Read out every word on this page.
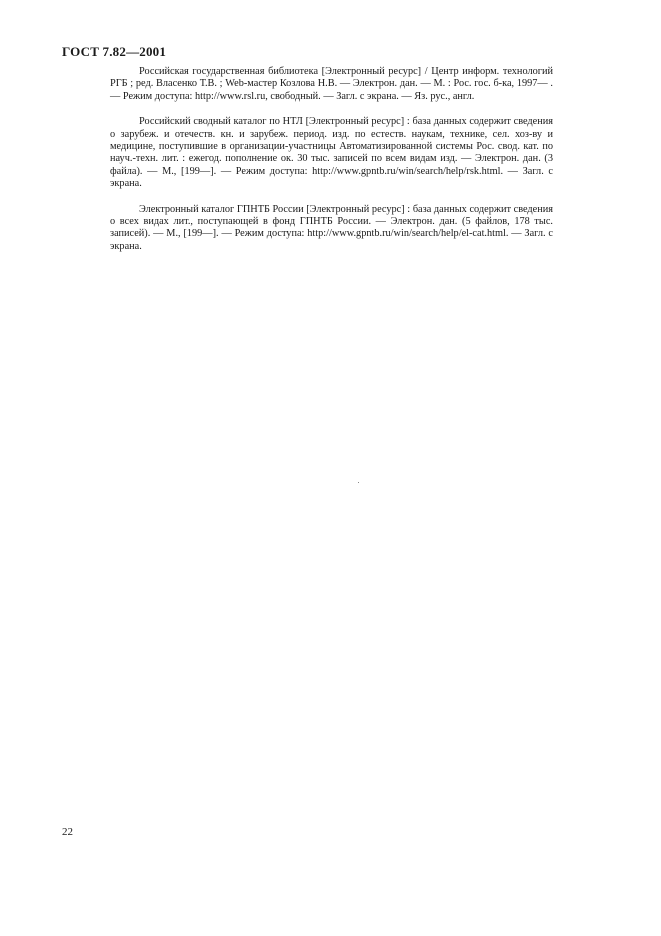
ГОСТ 7.82—2001

Российская государственная библиотека [Электронный ресурс] / Центр информ. технологий РГБ ; ред. Власенко Т.В. ; Web-мастер Козлова Н.В. — Электрон. дан. — М. : Рос. гос. б-ка, 1997— . — Режим доступа: http://www.rsl.ru, свободный. — Загл. с экрана. — Яз. рус., англ.

Российский сводный каталог по НТЛ [Электронный ресурс] : база данных содержит сведения о зарубеж. и отечеств. кн. и зарубеж. период. изд. по естеств. наукам, технике, сел. хоз-ву и медицине, поступившие в организации-участницы Автоматизированной системы Рос. свод. кат. по науч.-техн. лит. : ежегод. пополнение ок. 30 тыс. записей по всем видам изд. — Электрон. дан. (3 файла). — М., [199—]. — Режим доступа: http://www.gpntb.ru/win/search/help/rsk.html. — Загл. с экрана.

Электронный каталог ГПНТБ России [Электронный ресурс] : база данных содержит сведения о всех видах лит., поступающей в фонд ГПНТБ России. — Электрон. дан. (5 файлов, 178 тыс. записей). — М., [199—]. — Режим доступа: http://www.gpntb.ru/win/search/help/el-cat.html. — Загл. с экрана.

22
